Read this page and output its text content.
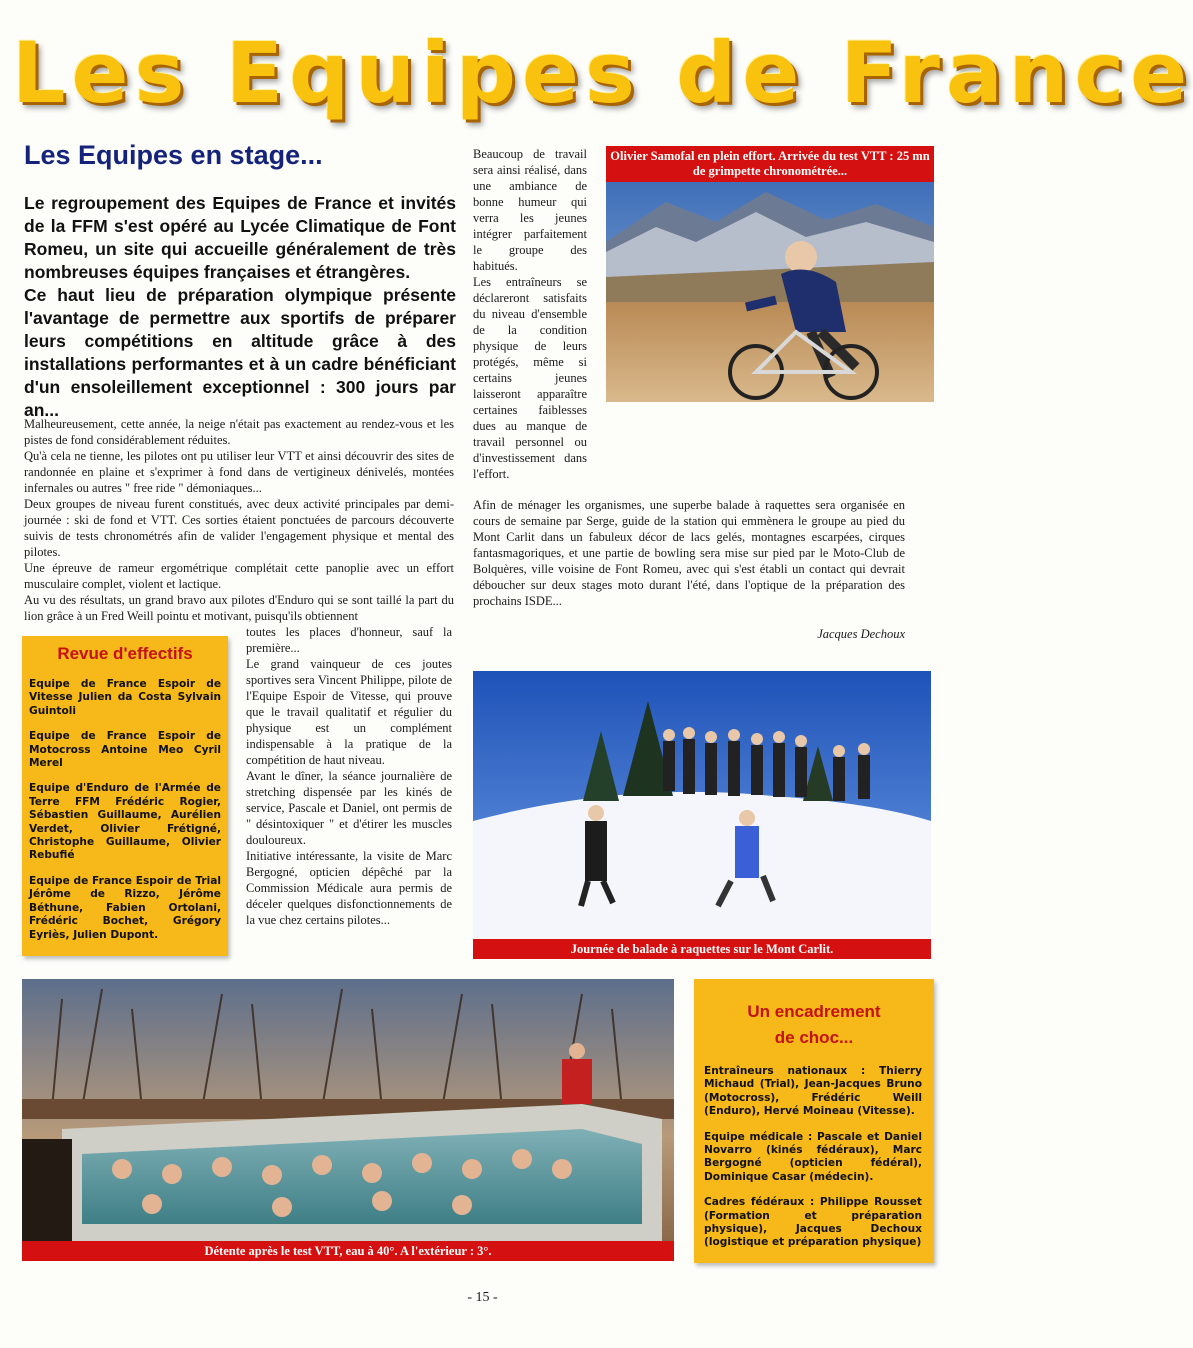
Les Equipes de France
Les Equipes en stage...

Le regroupement des Equipes de France et invités de la FFM s'est opéré au Lycée Climatique de Font Romeu, un site qui accueille généralement de très nombreuses équipes françaises et étrangères.

Ce haut lieu de préparation olympique présente l'avantage de permettre aux sportifs de préparer leurs compétitions en altitude grâce à des installations performantes et à un cadre bénéficiant d'un ensoleillement exceptionnel : 300 jours par an...

Malheureusement, cette année, la neige n'était pas exactement au rendez-vous et les pistes de fond considérablement réduites.

Qu'à cela ne tienne, les pilotes ont pu utiliser leur VTT et ainsi découvrir des sites de randonnée en plaine et s'exprimer à fond dans de vertigineux dénivelés, montées infernales ou autres " free ride " démoniaques...

Deux groupes de niveau furent constitués, avec deux activité principales par demi-journée : ski de fond et VTT. Ces sorties étaient ponctuées de parcours découverte suivis de tests chronométrés afin de valider l'engagement physique et mental des pilotes.

Une épreuve de rameur ergométrique complétait cette panoplie avec un effort musculaire complet, violent et lactique.

Au vu des résultats, un grand bravo aux pilotes d'Enduro qui se sont taillé la part du lion grâce à un Fred Weill pointu et motivant, puisqu'ils obtiennent

Revue d'effectifs

Equipe de France Espoir de Vitesse Julien da Costa Sylvain Guintoli

Equipe de France Espoir de Motocross Antoine Meo Cyril Merel

Equipe d'Enduro de l'Armée de Terre FFM Frédéric Rogier, Sébastien Guillaume, Aurélien Verdet, Olivier Frétigné, Christophe Guillaume, Olivier Rebufié

Equipe de France Espoir de Trial Jérôme de Rizzo, Jérôme Béthune, Fabien Ortolani, Frédéric Bochet, Grégory Eyriès, Julien Dupont.

toutes les places d'honneur, sauf la première...

Le grand vainqueur de ces joutes sportives sera Vincent Philippe, pilote de l'Equipe Espoir de Vitesse, qui prouve que le travail qualitatif et régulier du physique est un complément indispensable à la pratique de la compétition de haut niveau.

Avant le dîner, la séance journalière de stretching dispensée par les kinés de service, Pascale et Daniel, ont permis de " désintoxiquer " et d'étirer les muscles douloureux.

Initiative intéressante, la visite de Marc Bergogné, opticien dépêché par la Commission Médicale aura permis de déceler quelques disfonctionnements de la vue chez certains pilotes...

Beaucoup de travail sera ainsi réalisé, dans une ambiance de bonne humeur qui verra les jeunes intégrer parfaitement le groupe des habitués.

Les entraîneurs se déclareront satisfaits du niveau d'ensemble de la condition physique de leurs protégés, même si certains jeunes laisseront apparaître certaines faiblesses dues au manque de travail personnel ou d'investissement dans l'effort.

Olivier Samofal en plein effort. Arrivée du test VTT : 25 mn de grimpette chronométrée...

Afin de ménager les organismes, une superbe balade à raquettes sera organisée en cours de semaine par Serge, guide de la station qui emmènera le groupe au pied du Mont Carlit dans un fabuleux décor de lacs gelés, montagnes escarpées, cirques fantasmagoriques, et une partie de bowling sera mise sur pied par le Moto-Club de Bolquères, ville voisine de Font Romeu, avec qui s'est établi un contact qui devrait déboucher sur deux stages moto durant l'été, dans l'optique de la préparation des prochains ISDE...

Jacques Dechoux
Journée de balade à raquettes sur le Mont Carlit.
Détente après le test VTT, eau à 40°. A l'extérieur : 3°.
Un encadrement
de choc...

Entraîneurs nationaux : Thierry Michaud (Trial), Jean-Jacques Bruno (Motocross), Frédéric Weill (Enduro), Hervé Moineau (Vitesse).

Equipe médicale : Pascale et Daniel Novarro (kinés fédéraux), Marc Bergogné (opticien fédéral), Dominique Casar (médecin).

Cadres fédéraux : Philippe Rousset (Formation et préparation physique), Jacques Dechoux (logistique et préparation physique)

- 15 -
